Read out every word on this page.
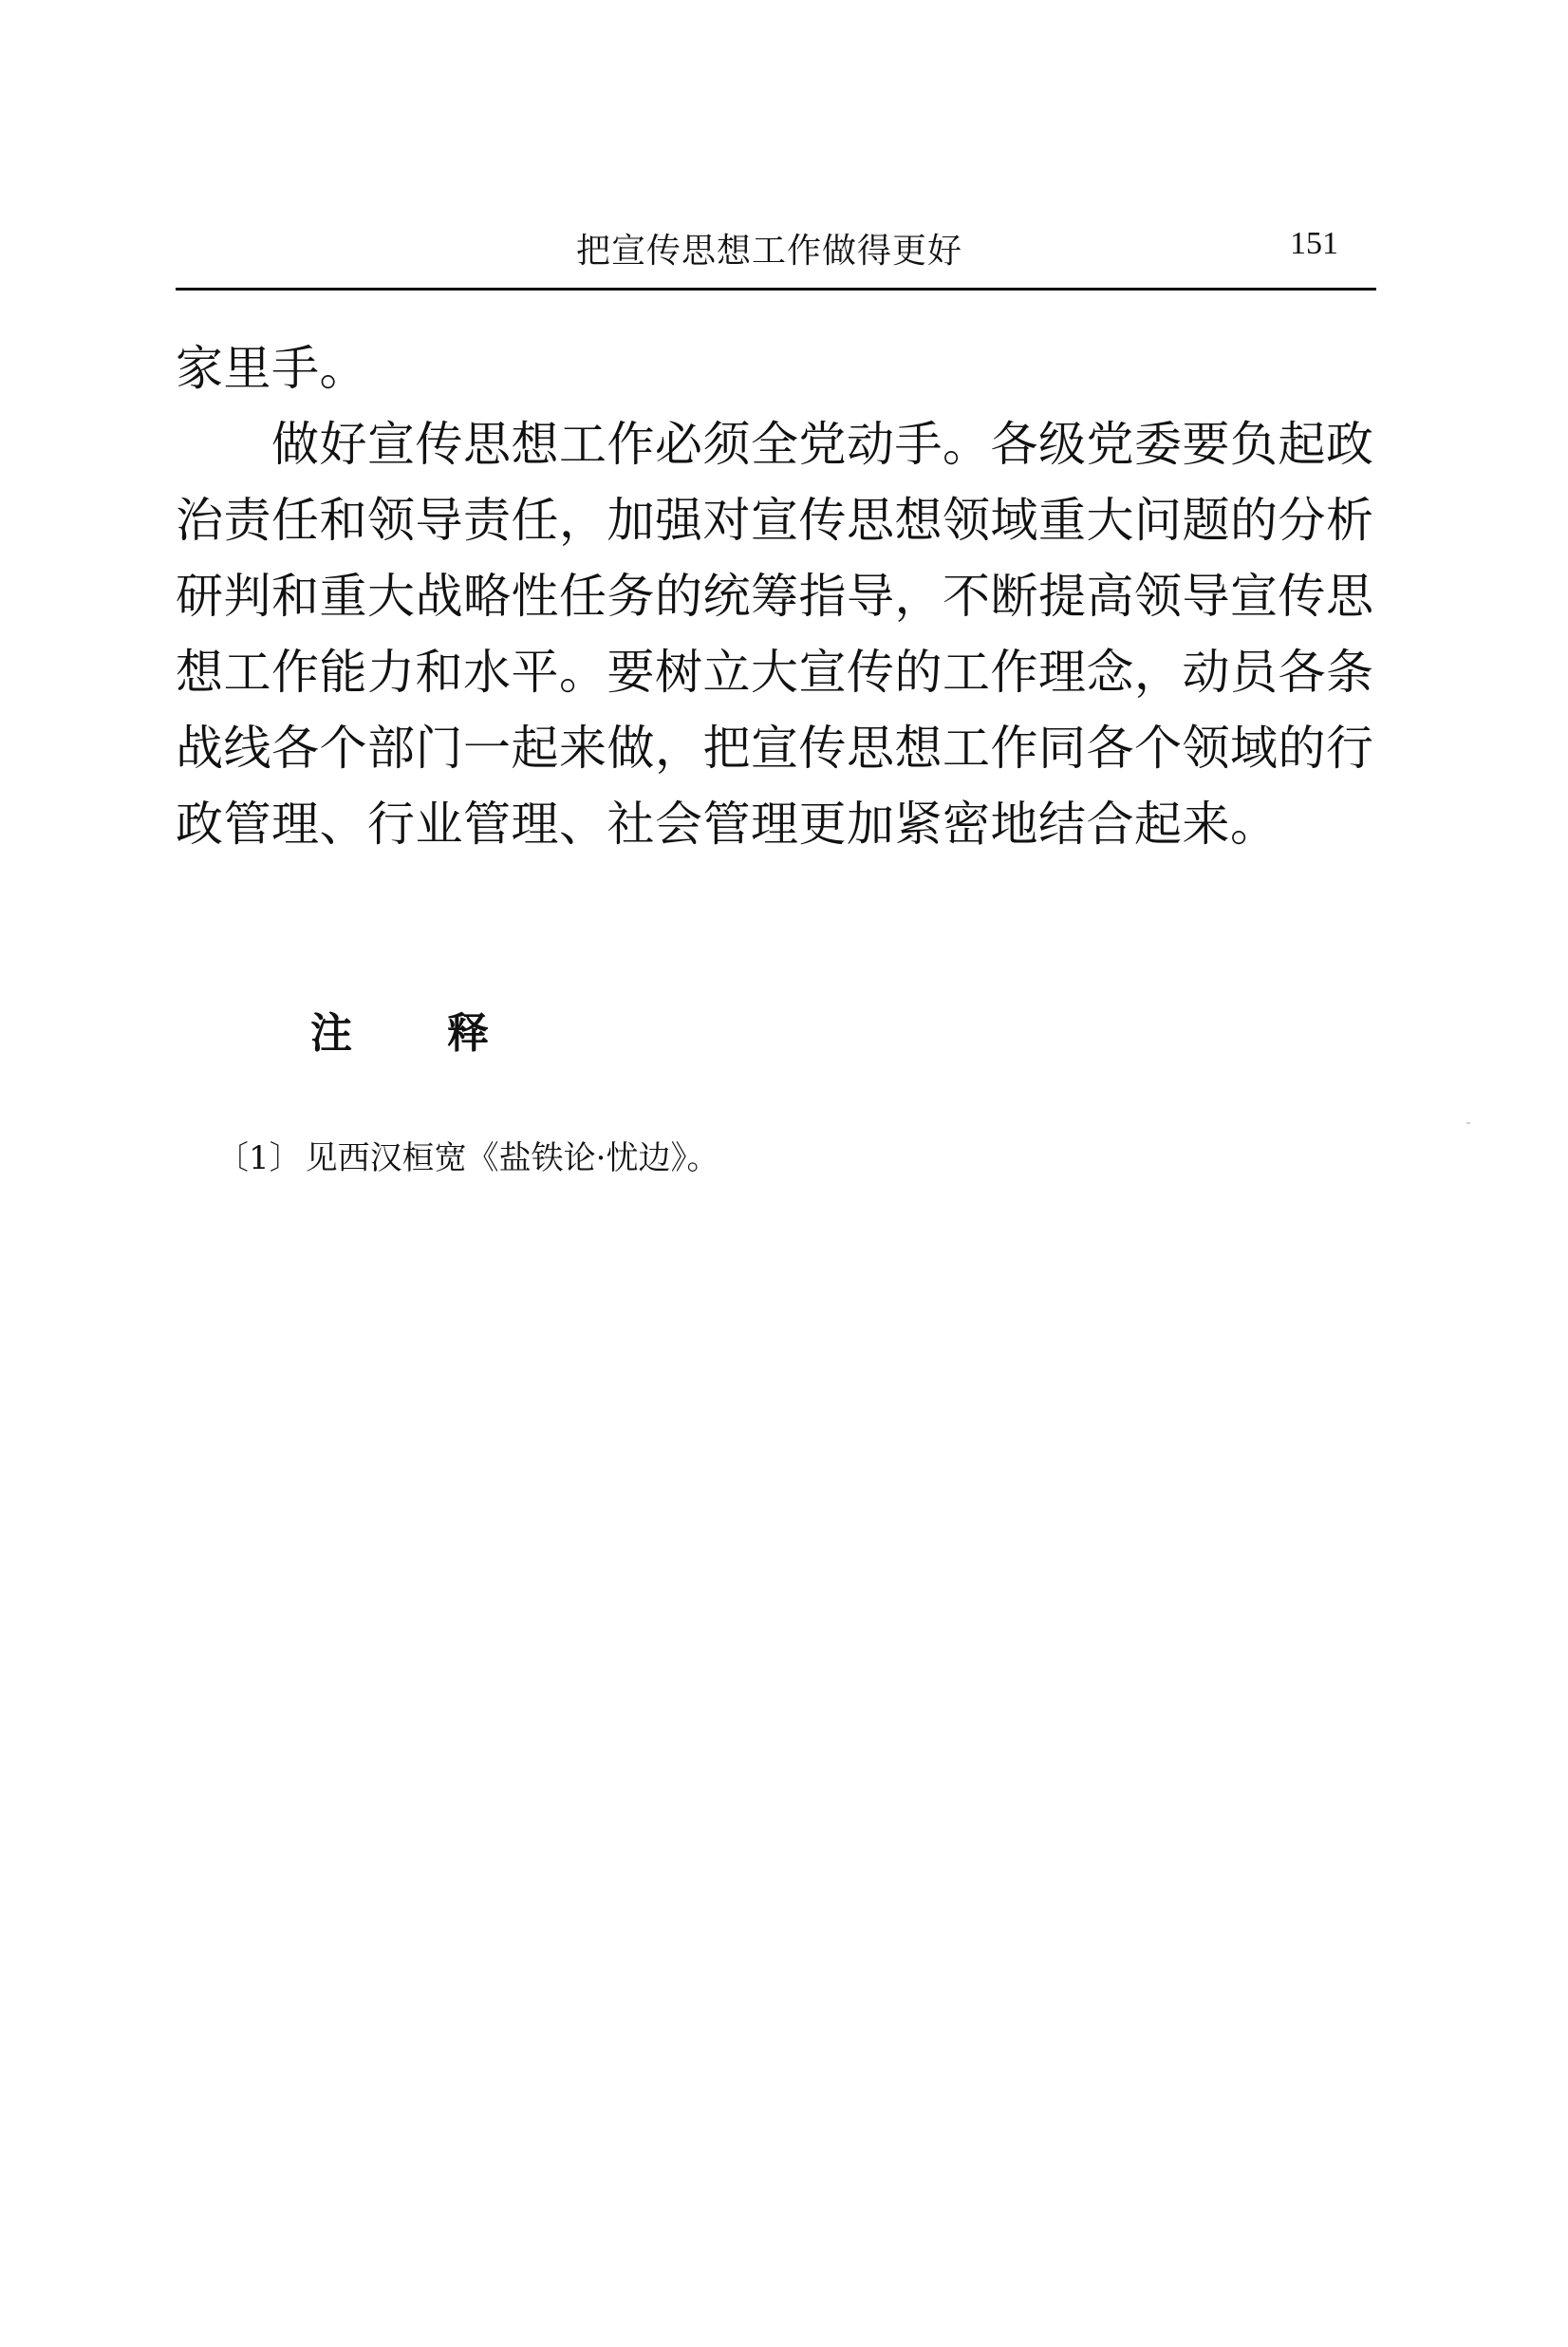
把宣传思想工作做得更好	151
家里手。
　　做好宣传思想工作必须全党动手。各级党委要负起政
治责任和领导责任，加强对宣传思想领域重大问题的分析
研判和重大战略性任务的统筹指导，不断提高领导宣传思
想工作能力和水平。要树立大宣传的工作理念，动员各条
战线各个部门一起来做，把宣传思想工作同各个领域的行
政管理、行业管理、社会管理更加紧密地结合起来。
注 释
〔1〕 见西汉桓宽《盐铁论·忧边》。
